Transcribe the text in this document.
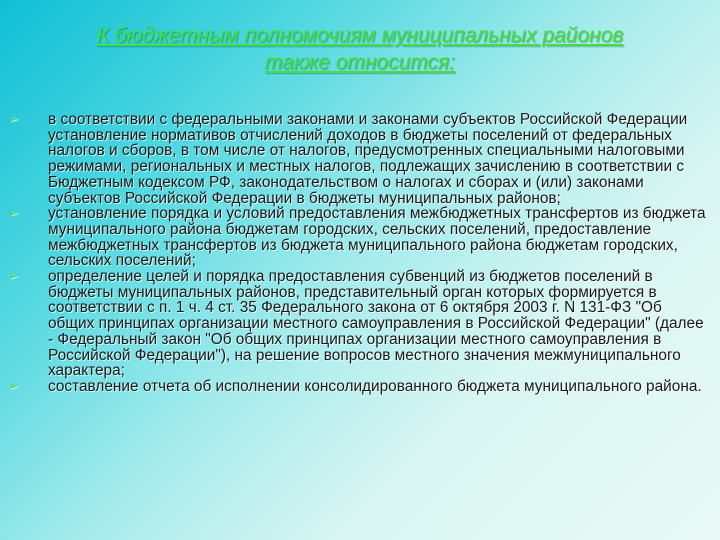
К бюджетным полномочиям муниципальных районов
также относится:
➢ в соответствии с федеральными законами и законами субъектов Российской Федерации установление нормативов отчислений доходов в бюджеты поселений от федеральных налогов и сборов, в том числе от налогов, предусмотренных специальными налоговыми режимами, региональных и местных налогов, подлежащих зачислению в соответствии с Бюджетным кодексом РФ, законодательством о налогах и сборах и (или) законами субъектов Российской Федерации в бюджеты муниципальных районов;
➢ установление порядка и условий предоставления межбюджетных трансфертов из бюджета муниципального района бюджетам городских, сельских поселений, предоставление межбюджетных трансфертов из бюджета муниципального района бюджетам городских, сельских поселений;
➢ определение целей и порядка предоставления субвенций из бюджетов поселений в бюджеты муниципальных районов, представительный орган которых формируется в соответствии с п. 1 ч. 4 ст. 35 Федерального закона от 6 октября 2003 г. N 131-ФЗ "Об общих принципах организации местного самоуправления в Российской Федерации" (далее - Федеральный закон "Об общих принципах организации местного самоуправления в Российской Федерации"), на решение вопросов местного значения межмуниципального характера;
➢ составление отчета об исполнении консолидированного бюджета муниципального района.
